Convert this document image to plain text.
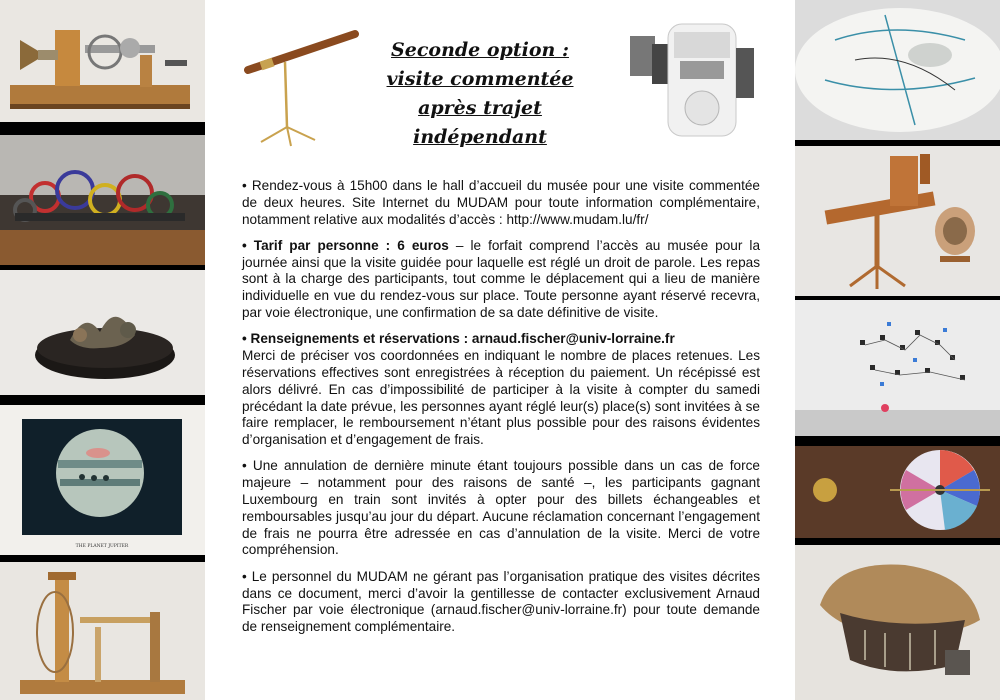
THE PLANET JUPITER
Seconde option :
visite commentée
après trajet indépendant

• Rendez-vous à 15h00 dans le hall d’accueil du musée pour une visite commentée de deux heures. Site Internet du MUDAM pour toute information complémentaire, notamment relative aux modalités d’accès : http://www.mudam.lu/fr/

• Tarif par personne : 6 euros – le forfait comprend l’accès au musée pour la journée ainsi que la visite guidée pour laquelle est réglé un droit de parole. Les repas sont à la charge des participants, tout comme le déplacement qui a lieu de manière individuelle en vue du rendez-vous sur place. Toute personne ayant réservé recevra, par voie électronique, une confirmation de sa date définitive de visite.

• Renseignements et réservations : arnaud.fischer@univ-lorraine.fr
Merci de préciser vos coordonnées en indiquant le nombre de places retenues. Les réservations effectives sont enregistrées à réception du paiement. Un récépissé est alors délivré. En cas d’impossibilité de participer à la visite à compter du samedi précédant la date prévue, les personnes ayant réglé leur(s) place(s) sont invitées à se faire remplacer, le remboursement n’étant plus possible pour des raisons évidentes d’organisation et d’engagement de frais.

• Une annulation de dernière minute étant toujours possible dans un cas de force majeure – notamment pour des raisons de santé –, les participants gagnant Luxembourg en train sont invités à opter pour des billets échangeables et remboursables jusqu’au jour du départ. Aucune réclamation concernant l’engagement de frais ne pourra être adressée en cas d’annulation de la visite. Merci de votre compréhension.

• Le personnel du MUDAM ne gérant pas l’organisation pratique des visites décrites dans ce document, merci d’avoir la gentillesse de contacter exclusivement Arnaud Fischer par voie électronique (arnaud.fischer@univ-lorraine.fr) pour toute demande de renseignement complémentaire.
